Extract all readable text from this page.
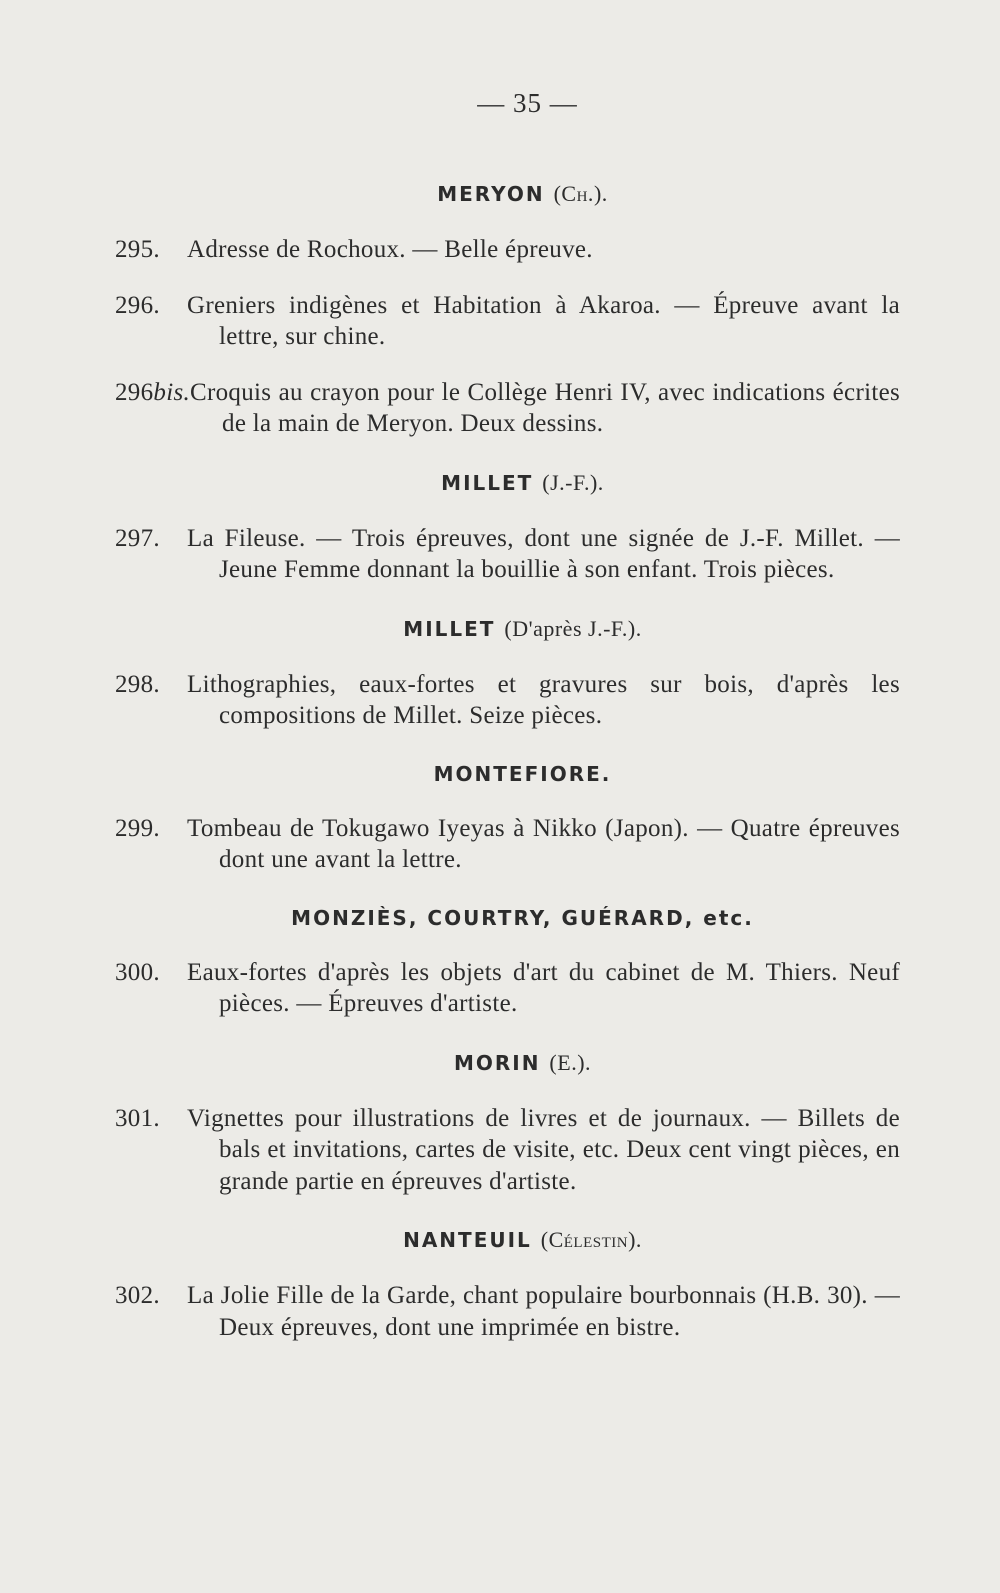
— 35 —
MERYON (Ch.).
295.	Adresse de Rochoux. — Belle épreuve.
296.	Greniers indigènes et Habitation à Akaroa. — Épreuve avant la lettre, sur chine.
296bis. Croquis au crayon pour le Collège Henri IV, avec indications écrites de la main de Meryon. Deux dessins.
MILLET (J.-F.).
297.	La Fileuse. — Trois épreuves, dont une signée de J.-F. Millet. — Jeune Femme donnant la bouillie à son enfant. Trois pièces.
MILLET (D'après J.-F.).
298.	Lithographies, eaux-fortes et gravures sur bois, d'après les compositions de Millet. Seize pièces.
MONTEFIORE.
299.	Tombeau de Tokugawo Iyeyas à Nikko (Japon). — Quatre épreuves dont une avant la lettre.
MONZIÈS, COURTRY, GUÉRARD, etc.
300.	Eaux-fortes d'après les objets d'art du cabinet de M. Thiers. Neuf pièces. — Épreuves d'artiste.
MORIN (E.).
301.	Vignettes pour illustrations de livres et de journaux. — Billets de bals et invitations, cartes de visite, etc. Deux cent vingt pièces, en grande partie en épreuves d'artiste.
NANTEUIL (Célestin).
302.	La Jolie Fille de la Garde, chant populaire bourbonnais (H.B. 30). — Deux épreuves, dont une imprimée en bistre.
